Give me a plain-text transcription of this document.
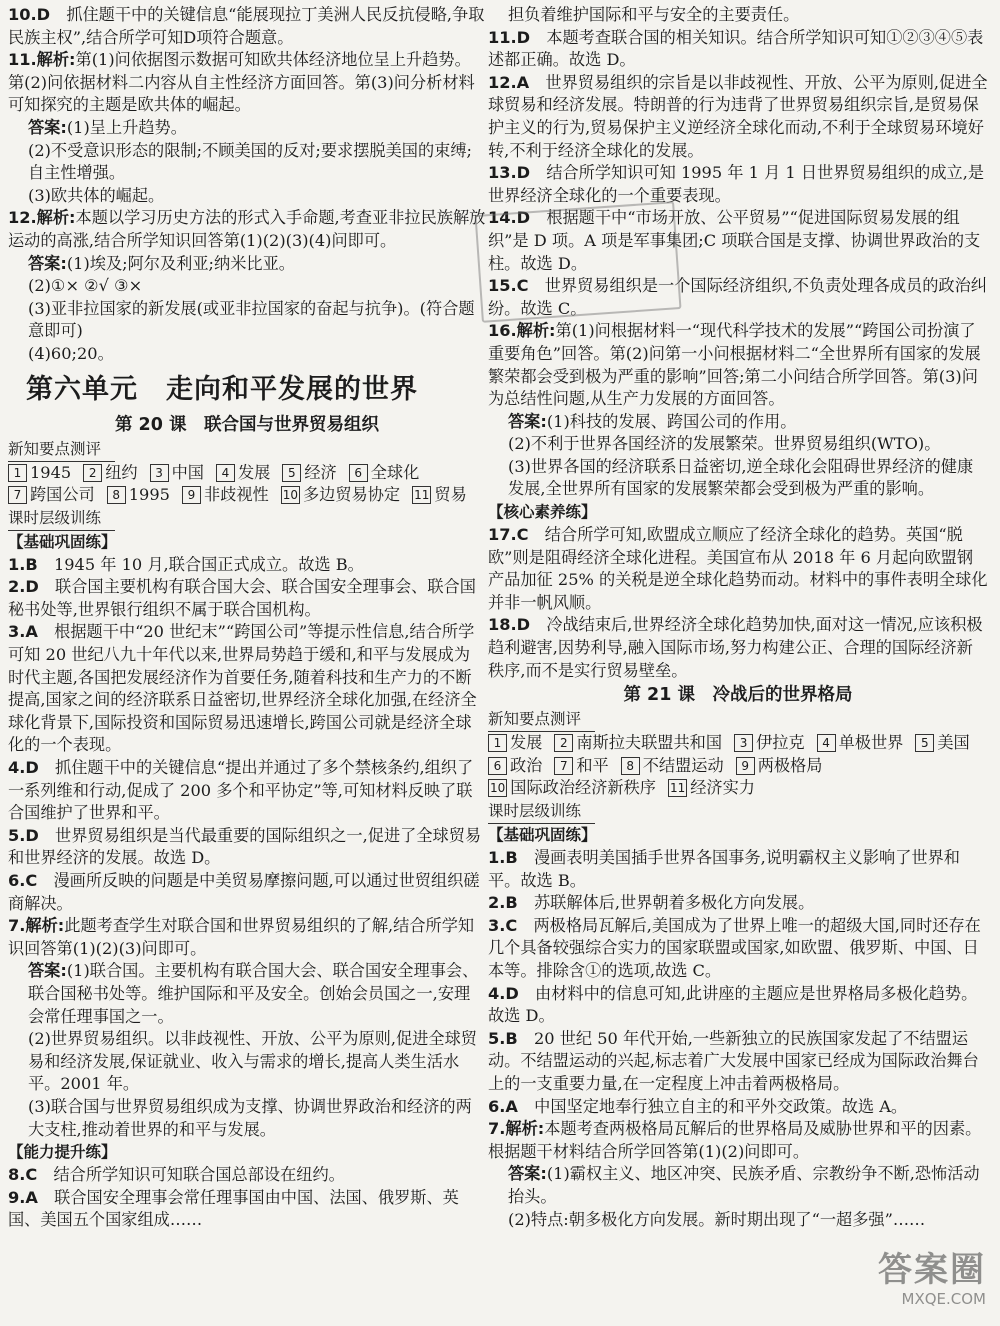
10.D　 抓住题干中的关键信息“能展现拉丁美洲人民反抗侵略,争取民族主权”,结合所学可知D项符合题意。

11.解析:第(1)问依据图示数据可知欧共体经济地位呈上升趋势。第(2)问依据材料二内容从自主性经济方面回答。第(3)问分析材料可知探究的主题是欧共体的崛起。

答案:(1)呈上升趋势。

(2)不受意识形态的限制;不顾美国的反对;要求摆脱美国的束缚;自主性增强。

(3)欧共体的崛起。

12.解析:本题以学习历史方法的形式入手命题,考查亚非拉民族解放运动的高涨,结合所学知识回答第(1)(2)(3)(4)问即可。

答案:(1)埃及;阿尔及利亚;纳米比亚。

(2)①× ②√ ③×

(3)亚非拉国家的新发展(或亚非拉国家的奋起与抗争)。(符合题意即可)

(4)60;20。

第六单元　走向和平发展的世界
第 20 课　联合国与世界贸易组织
新知要点测评
1 1945	2 纽约	3 中国	4 发展	5 经济	6 全球化
7 跨国公司	8 1995	9 非歧视性 10 多边贸易协定 11 贸易
课时层级训练
【基础巩固练】

1.B　 1945 年 10 月,联合国正式成立。故选 B。

2.D　 联合国主要机构有联合国大会、联合国安全理事会、联合国秘书处等,世界银行组织不属于联合国机构。

3.A　 根据题干中“20 世纪末”“跨国公司”等提示性信息,结合所学可知 20 世纪八九十年代以来,世界局势趋于缓和,和平与发展成为时代主题,各国把发展经济作为首要任务,随着科技和生产力的不断提高,国家之间的经济联系日益密切,世界经济全球化加强,在经济全球化背景下,国际投资和国际贸易迅速增长,跨国公司就是经济全球化的一个表现。

4.D　 抓住题干中的关键信息“提出并通过了多个禁核条约,组织了一系列维和行动,促成了 200 多个和平协定”等,可知材料反映了联合国维护了世界和平。

5.D　 世界贸易组织是当代最重要的国际组织之一,促进了全球贸易和世界经济的发展。故选 D。

6.C　 漫画所反映的问题是中美贸易摩擦问题,可以通过世贸组织磋商解决。

7.解析:此题考查学生对联合国和世界贸易组织的了解,结合所学知识回答第(1)(2)(3)问即可。

答案:(1)联合国。主要机构有联合国大会、联合国安全理事会、联合国秘书处等。维护国际和平及安全。创始会员国之一,安理会常任理事国之一。

(2)世界贸易组织。以非歧视性、开放、公平为原则,促进全球贸易和经济发展,保证就业、收入与需求的增长,提高人类生活水平。2001 年。

(3)联合国与世界贸易组织成为支撑、协调世界政治和经济的两大支柱,推动着世界的和平与发展。

【能力提升练】

8.C　 结合所学知识可知联合国总部设在纽约。

9.A　 联合国安全理事会常任理事国由中国、法国、俄罗斯、英国、美国五个国家组成……

担负着维护国际和平与安全的主要责任。

11.D　 本题考查联合国的相关知识。结合所学知识可知①②③④⑤表述都正确。故选 D。

12.A　 世界贸易组织的宗旨是以非歧视性、开放、公平为原则,促进全球贸易和经济发展。特朗普的行为违背了世界贸易组织宗旨,是贸易保护主义的行为,贸易保护主义逆经济全球化而动,不利于全球贸易环境好转,不利于经济全球化的发展。

13.D　 结合所学知识可知 1995 年 1 月 1 日世界贸易组织的成立,是世界经济全球化的一个重要表现。

14.D　 根据题干中“市场开放、公平贸易”“促进国际贸易发展的组织”是 D 项。A 项是军事集团;C 项联合国是支撑、协调世界政治的支柱。故选 D。

15.C　 世界贸易组织是一个国际经济组织,不负责处理各成员的政治纠纷。故选 C。

16.解析:第(1)问根据材料一“现代科学技术的发展”“跨国公司扮演了重要角色”回答。第(2)问第一小问根据材料二“全世界所有国家的发展繁荣都会受到极为严重的影响”回答;第二小问结合所学回答。第(3)问为总结性问题,从生产力发展的方面回答。

答案:(1)科技的发展、跨国公司的作用。

(2)不利于世界各国经济的发展繁荣。世界贸易组织(WTO)。

(3)世界各国的经济联系日益密切,逆全球化会阻碍世界经济的健康发展,全世界所有国家的发展繁荣都会受到极为严重的影响。

【核心素养练】

17.C　 结合所学可知,欧盟成立顺应了经济全球化的趋势。英国“脱欧”则是阻碍经济全球化进程。美国宣布从 2018 年 6 月起向欧盟钢产品加征 25% 的关税是逆全球化趋势而动。材料中的事件表明全球化并非一帆风顺。

18.D　 冷战结束后,世界经济全球化趋势加快,面对这一情况,应该积极趋利避害,因势利导,融入国际市场,努力构建公正、合理的国际经济新秩序,而不是实行贸易壁垒。

第 21 课　冷战后的世界格局
新知要点测评
1 发展	2 南斯拉夫联盟共和国	3 伊拉克	4 单极世界	5 美国
6 政治	7 和平	8 不结盟运动	9 两极格局
10 国际政治经济新秩序 11 经济实力
课时层级训练
【基础巩固练】

1.B　 漫画表明美国插手世界各国事务,说明霸权主义影响了世界和平。故选 B。

2.B　 苏联解体后,世界朝着多极化方向发展。

3.C　 两极格局瓦解后,美国成为了世界上唯一的超级大国,同时还存在几个具备较强综合实力的国家联盟或国家,如欧盟、俄罗斯、中国、日本等。排除含①的选项,故选 C。

4.D　 由材料中的信息可知,此讲座的主题应是世界格局多极化趋势。故选 D。

5.B　 20 世纪 50 年代开始,一些新独立的民族国家发起了不结盟运动。不结盟运动的兴起,标志着广大发展中国家已经成为国际政治舞台上的一支重要力量,在一定程度上冲击着两极格局。

6.A　 中国坚定地奉行独立自主的和平外交政策。故选 A。

7.解析:本题考查两极格局瓦解后的世界格局及威胁世界和平的因素。根据题干材料结合所学回答第(1)(2)问即可。

答案:(1)霸权主义、地区冲突、民族矛盾、宗教纷争不断,恐怖活动抬头。

(2)特点:朝多极化方向发展。新时期出现了“一超多强”……

答案圈
MXQE.COM
